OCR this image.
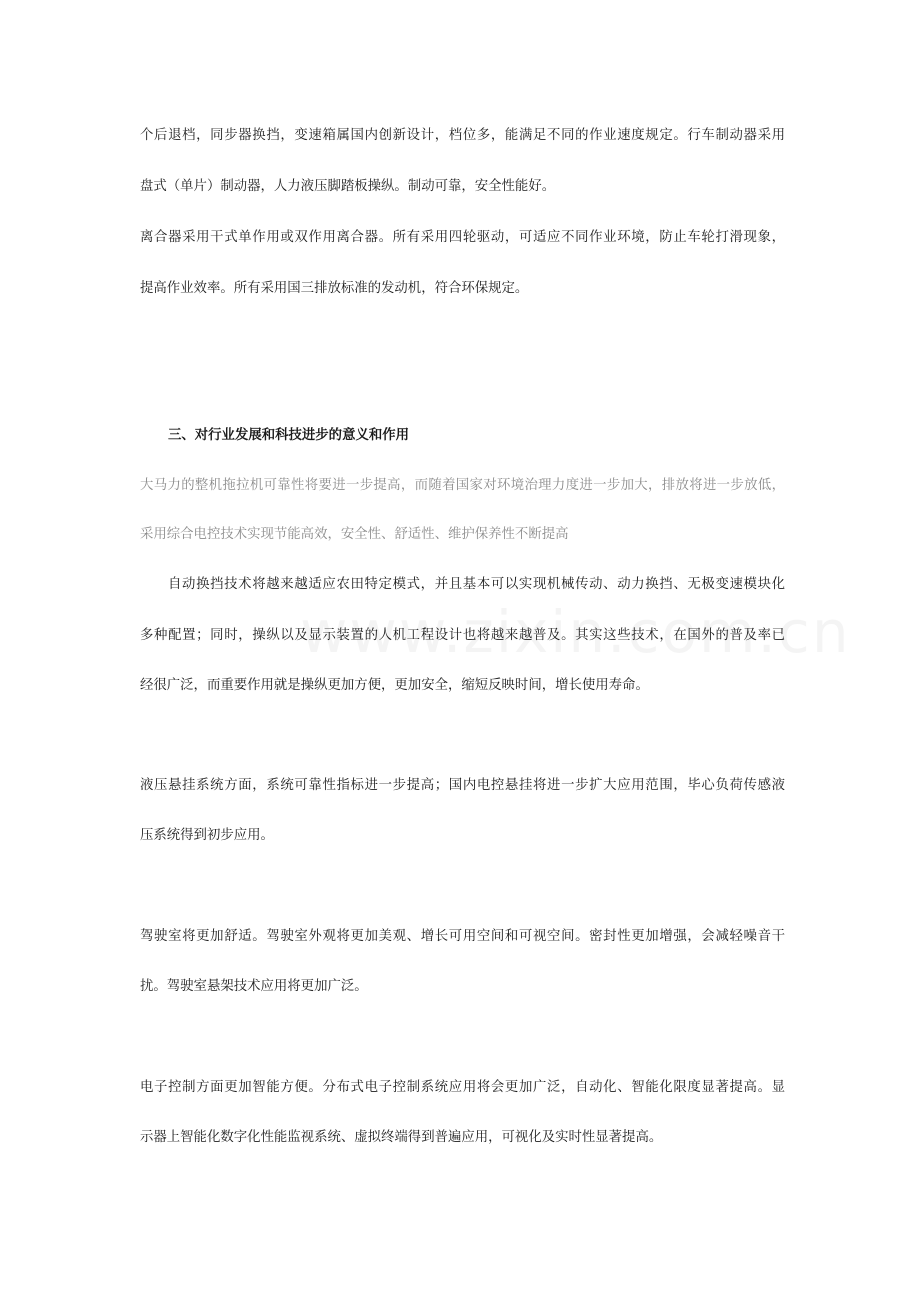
个后退档，同步器换挡，变速箱属国内创新设计，档位多，能满足不同的作业速度规定。行车制动器采用
盘式（单片）制动器，人力液压脚踏板操纵。制动可靠，安全性能好。
离合器采用干式单作用或双作用离合器。所有采用四轮驱动，可适应不同作业环境，防止车轮打滑现象，
提高作业效率。所有采用国三排放标准的发动机，符合环保规定。
三、对行业发展和科技进步的意义和作用
大马力的整机拖拉机可靠性将要进一步提高，而随着国家对环境治理力度进一步加大，排放将进一步放低，
采用综合电控技术实现节能高效，安全性、舒适性、维护保养性不断提高
自动换挡技术将越来越适应农田特定模式，并且基本可以实现机械传动、动力换挡、无极变速模块化
多种配置；同时，操纵以及显示装置的人机工程设计也将越来越普及。其实这些技术，在国外的普及率已
经很广泛，而重要作用就是操纵更加方便，更加安全，缩短反映时间，增长使用寿命。
液压悬挂系统方面，系统可靠性指标进一步提高；国内电控悬挂将进一步扩大应用范围，毕心负荷传感液
压系统得到初步应用。
驾驶室将更加舒适。驾驶室外观将更加美观、增长可用空间和可视空间。密封性更加增强，会减轻噪音干
扰。驾驶室悬架技术应用将更加广泛。
电子控制方面更加智能方便。分布式电子控制系统应用将会更加广泛，自动化、智能化限度显著提高。显
示器上智能化数字化性能监视系统、虚拟终端得到普遍应用，可视化及实时性显著提高。
